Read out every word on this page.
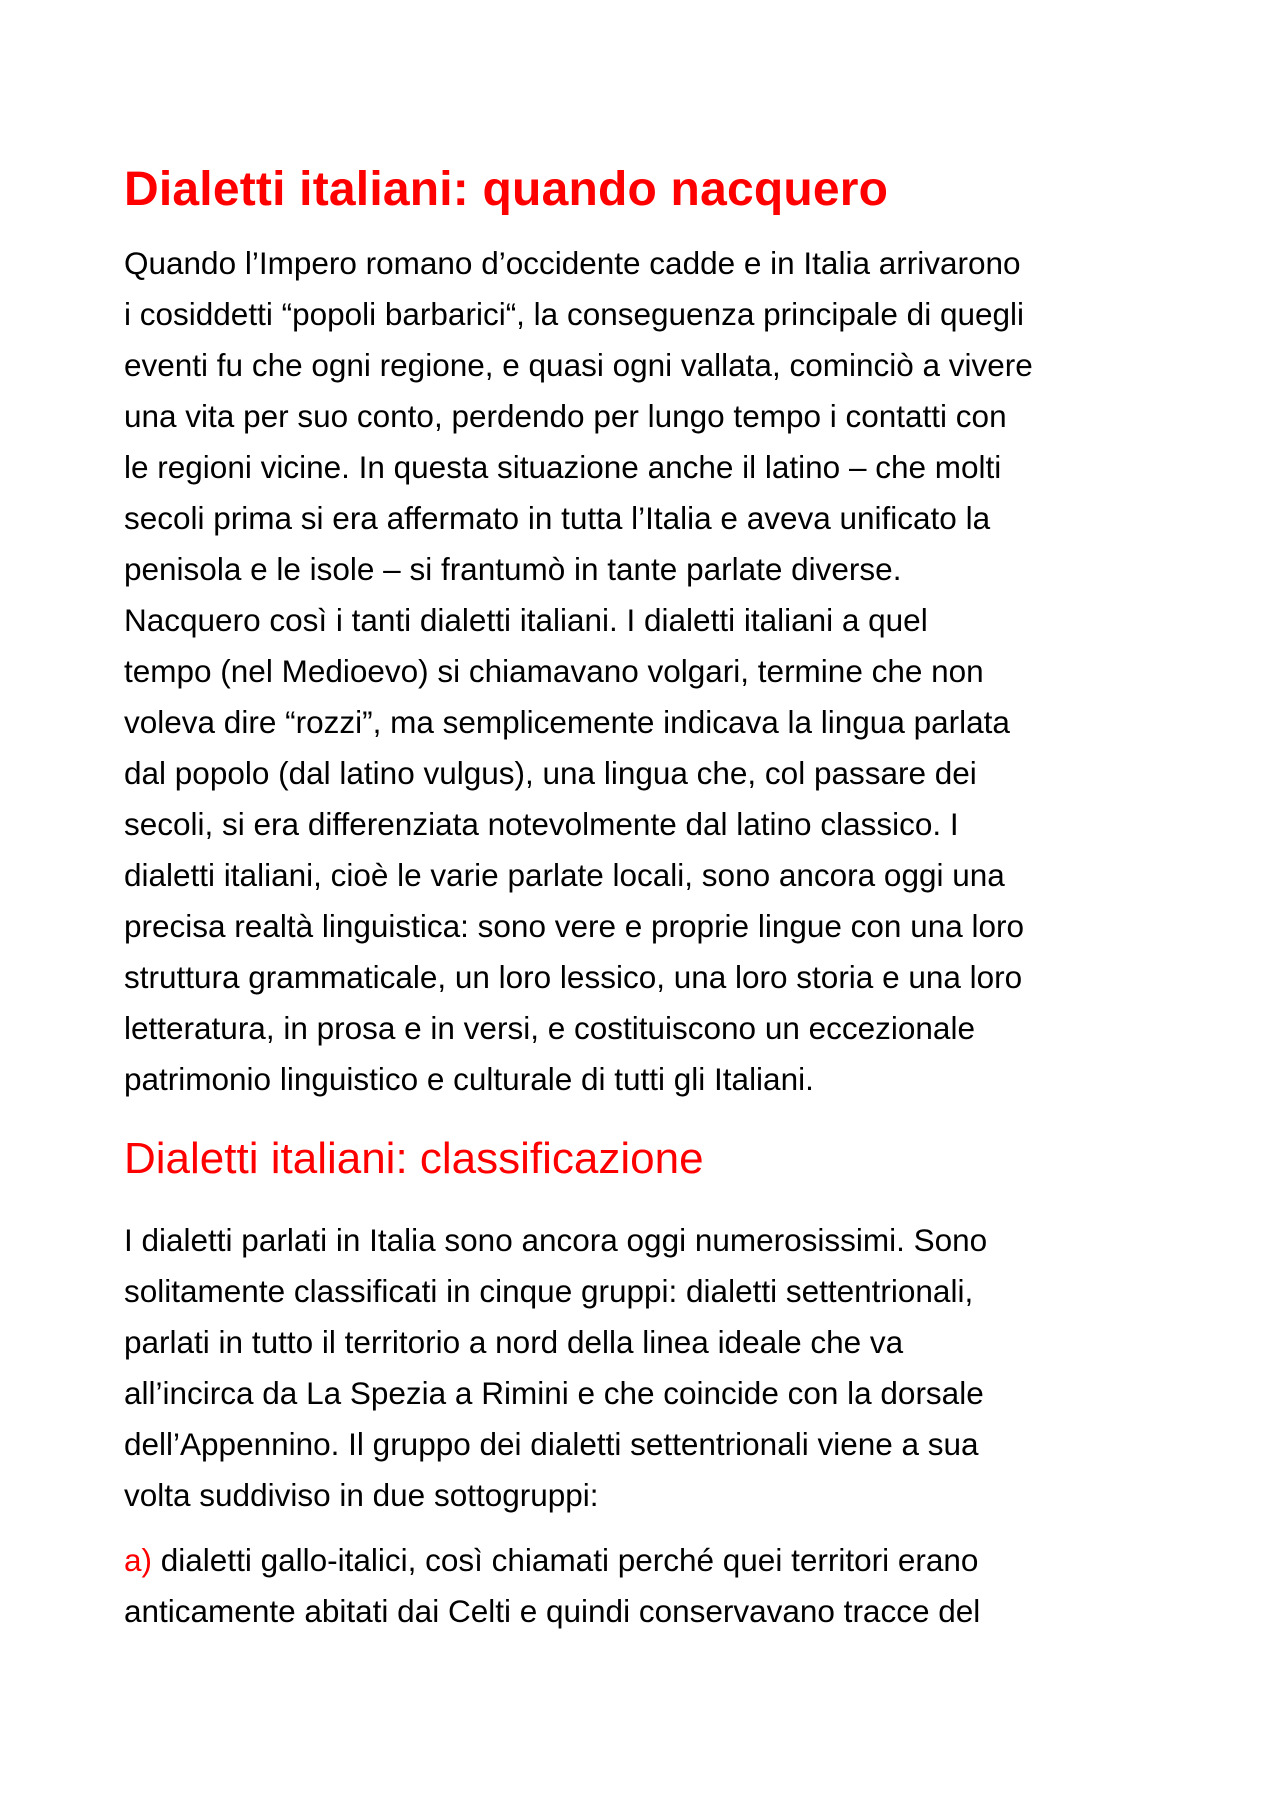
Dialetti italiani: quando nacquero

Quando l’Impero romano d’occidente cadde e in Italia arrivarono
i cosiddetti “popoli barbarici“, la conseguenza principale di quegli
eventi fu che ogni regione, e quasi ogni vallata, cominciò a vivere
una vita per suo conto, perdendo per lungo tempo i contatti con
le regioni vicine. In questa situazione anche il latino – che molti
secoli prima si era affermato in tutta l’Italia e aveva unificato la
penisola e le isole – si frantumò in tante parlate diverse.
Nacquero così i tanti dialetti italiani. I dialetti italiani a quel
tempo (nel Medioevo) si chiamavano volgari, termine che non
voleva dire “rozzi”, ma semplicemente indicava la lingua parlata
dal popolo (dal latino vulgus), una lingua che, col passare dei
secoli, si era differenziata notevolmente dal latino classico. I
dialetti italiani, cioè le varie parlate locali, sono ancora oggi una
precisa realtà linguistica: sono vere e proprie lingue con una loro
struttura grammaticale, un loro lessico, una loro storia e una loro
letteratura, in prosa e in versi, e costituiscono un eccezionale
patrimonio linguistico e culturale di tutti gli Italiani.

Dialetti italiani: classificazione

I dialetti parlati in Italia sono ancora oggi numerosissimi. Sono
solitamente classificati in cinque gruppi: dialetti settentrionali,
parlati in tutto il territorio a nord della linea ideale che va
all’incirca da La Spezia a Rimini e che coincide con la dorsale
dell’Appennino. Il gruppo dei dialetti settentrionali viene a sua
volta suddiviso in due sottogruppi:

a) dialetti gallo-italici, così chiamati perché quei territori erano
anticamente abitati dai Celti e quindi conservavano tracce del
